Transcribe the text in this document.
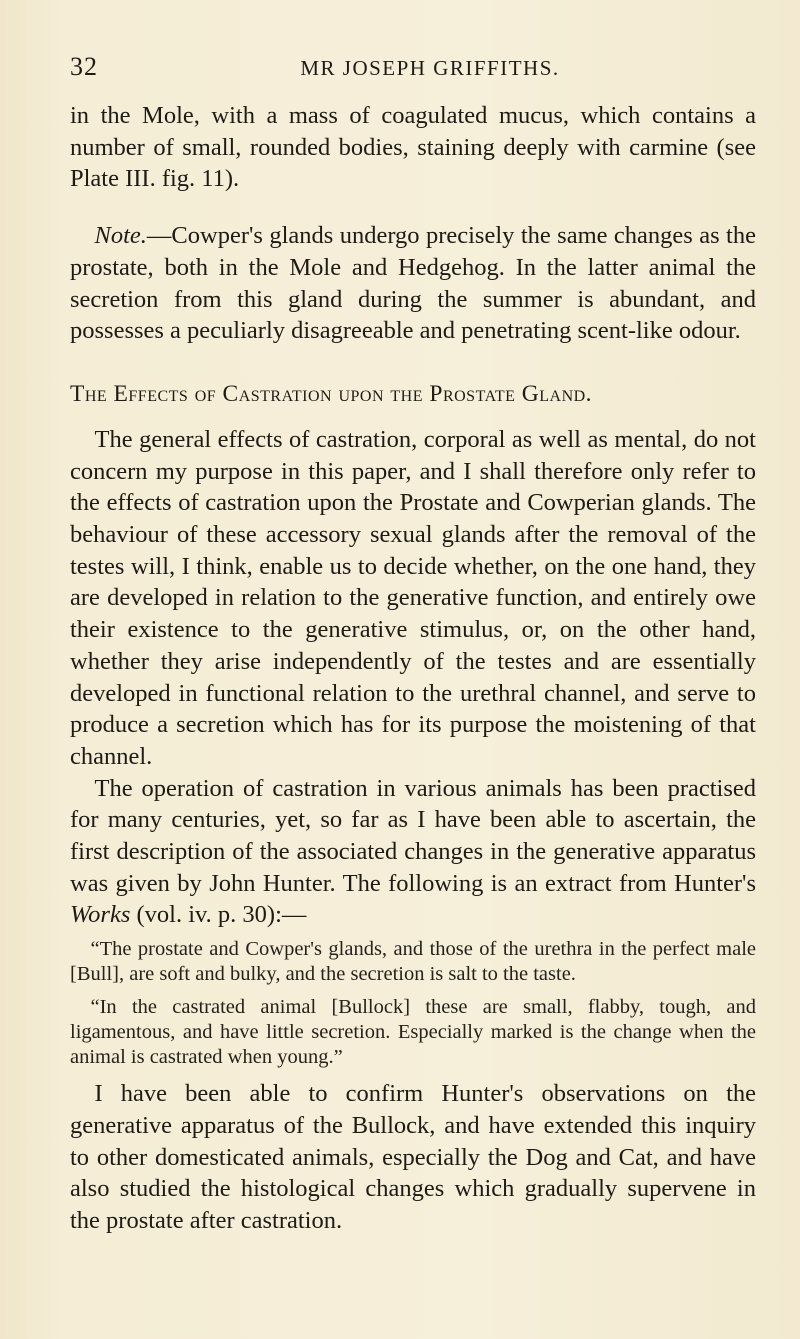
32	MR JOSEPH GRIFFITHS.

in the Mole, with a mass of coagulated mucus, which contains a number of small, rounded bodies, staining deeply with carmine (see Plate III. fig. 11).

 Note.—Cowper's glands undergo precisely the same changes as the prostate, both in the Mole and Hedgehog. In the latter animal the secretion from this gland during the summer is abundant, and possesses a peculiarly disagreeable and penetrating scent-like odour.

The Effects of Castration upon the Prostate Gland.

 The general effects of castration, corporal as well as mental, do not concern my purpose in this paper, and I shall therefore only refer to the effects of castration upon the Prostate and Cowperian glands. The behaviour of these accessory sexual glands after the removal of the testes will, I think, enable us to decide whether, on the one hand, they are developed in relation to the generative function, and entirely owe their existence to the generative stimulus, or, on the other hand, whether they arise independently of the testes and are essentially developed in functional relation to the urethral channel, and serve to produce a secretion which has for its purpose the moistening of that channel.

 The operation of castration in various animals has been practised for many centuries, yet, so far as I have been able to ascertain, the first description of the associated changes in the generative apparatus was given by John Hunter. The following is an extract from Hunter's Works (vol. iv. p. 30):—

 “The prostate and Cowper's glands, and those of the urethra in the perfect male [Bull], are soft and bulky, and the secretion is salt to the taste.

 “In the castrated animal [Bullock] these are small, flabby, tough, and ligamentous, and have little secretion. Especially marked is the change when the animal is castrated when young.”

 I have been able to confirm Hunter's observations on the generative apparatus of the Bullock, and have extended this inquiry to other domesticated animals, especially the Dog and Cat, and have also studied the histological changes which gradually supervene in the prostate after castration.
